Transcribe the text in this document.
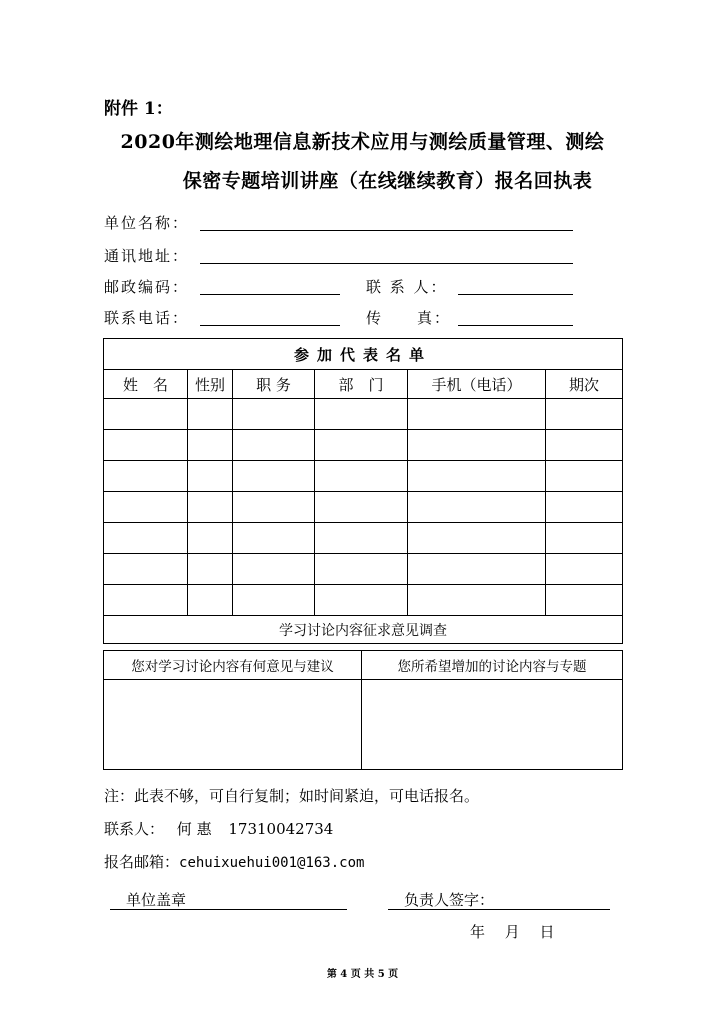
附件 1：
2020年测绘地理信息新技术应用与测绘质量管理、测绘
保密专题培训讲座（在线继续教育）报名回执表
单位名称：
通讯地址：
邮政编码：	联 系 人：
联系电话：	传　　真：
参加代表名单					
姓　名	性别	职 务	部　门	手机（电话）	期次

学习讨论内容征求意见调查					
您对学习讨论内容有何意见与建议	您所希望增加的讨论内容与专题

注：此表不够，可自行复制；如时间紧迫，可电话报名。
联系人： 何 惠 17310042734
报名邮箱：cehuixuehui001@163.com
单位盖章	负责人签字：
年　 月　 日
第 4 页 共 5 页
